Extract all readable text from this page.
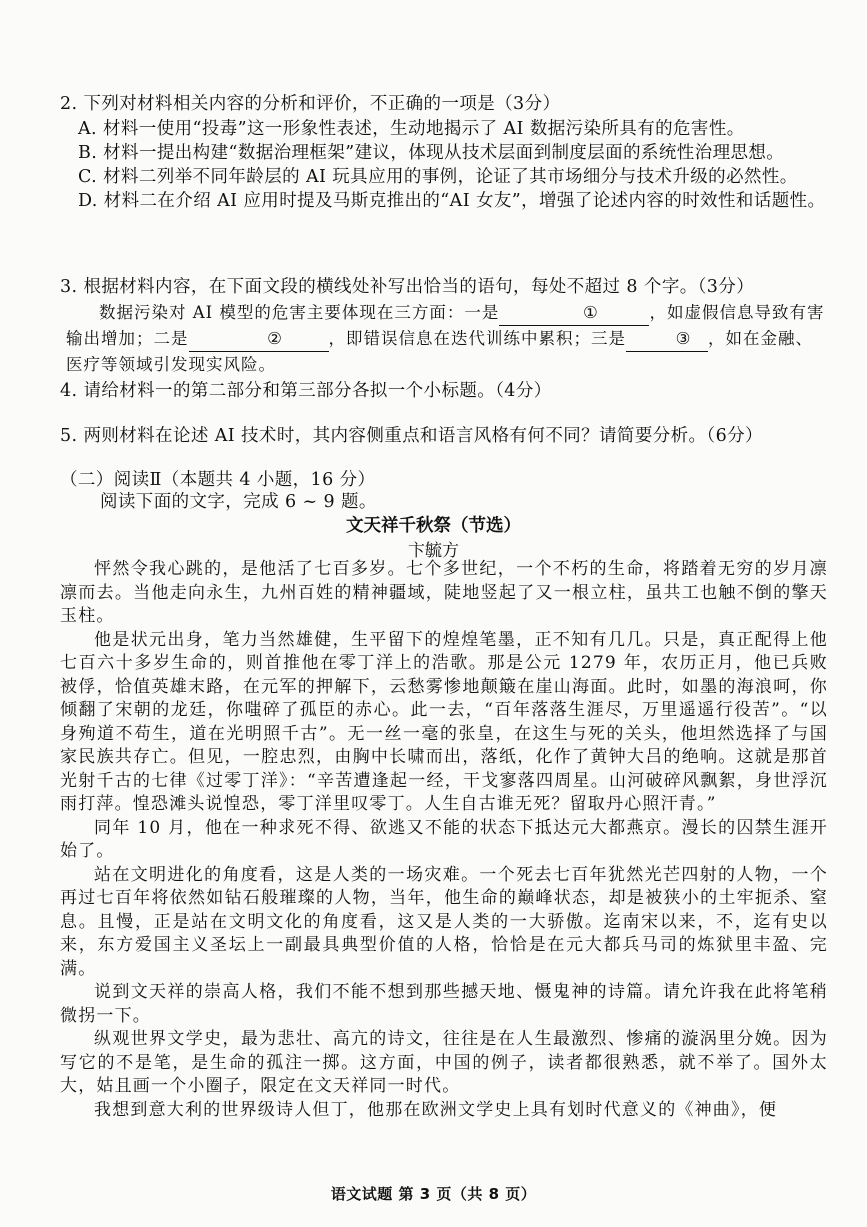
2. 下列对材料相关内容的分析和评价，不正确的一项是（3分）

A. 材料一使用“投毒”这一形象性表述，生动地揭示了 AI 数据污染所具有的危害性。

B. 材料一提出构建“数据治理框架”建议，体现从技术层面到制度层面的系统性治理思想。

C. 材料二列举不同年龄层的 AI 玩具应用的事例，论证了其市场细分与技术升级的必然性。

D. 材料二在介绍 AI 应用时提及马斯克推出的“AI 女友”，增强了论述内容的时效性和话题性。

3. 根据材料内容，在下面文段的横线处补写出恰当的语句，每处不超过 8 个字。（3分）

数据污染对 AI 模型的危害主要体现在三方面：一是	①	，如虚假信息导致有害输出增加；二是	②	，即错误信息在迭代训练中累积；三是	③ ，如在金融、医疗等领域引发现实风险。

4. 请给材料一的第二部分和第三部分各拟一个小标题。（4分）
5. 两则材料在论述 AI 技术时，其内容侧重点和语言风格有何不同？请简要分析。（6分）
（二）阅读Ⅱ（本题共 4 小题，16 分）
阅读下面的文字，完成 6 ~ 9 题。
文天祥千秋祭（节选）
卞毓方

怦然令我心跳的，是他活了七百多岁。七个多世纪，一个不朽的生命，将踏着无穷的岁月凛凛而去。当他走向永生，九州百姓的精神疆域，陡地竖起了又一根立柱，虽共工也触不倒的擎天玉柱。

他是状元出身，笔力当然雄健，生平留下的煌煌笔墨，正不知有几几。只是，真正配得上他七百六十多岁生命的，则首推他在零丁洋上的浩歌。那是公元 1279 年，农历正月，他已兵败被俘，恰值英雄末路，在元军的押解下，云愁雾惨地颠簸在崖山海面。此时，如墨的海浪呵，你倾翻了宋朝的龙廷，你嗤碎了孤臣的赤心。此一去，“百年落落生涯尽，万里遥遥行役苦”。“以身殉道不苟生，道在光明照千古”。无一丝一毫的张皇，在这生与死的关头，他坦然选择了与国家民族共存亡。但见，一腔忠烈，由胸中长啸而出，落纸，化作了黄钟大吕的绝响。这就是那首光射千古的七律《过零丁洋》：“辛苦遭逢起一经，干戈寥落四周星。山河破碎风飘絮，身世浮沉雨打萍。惶恐滩头说惶恐，零丁洋里叹零丁。人生自古谁无死？留取丹心照汗青。”

同年 10 月，他在一种求死不得、欲逃又不能的状态下抵达元大都燕京。漫长的囚禁生涯开始了。

站在文明进化的角度看，这是人类的一场灾难。一个死去七百年犹然光芒四射的人物，一个再过七百年将依然如钻石般璀璨的人物，当年，他生命的巅峰状态，却是被狭小的土牢扼杀、窒息。且慢，正是站在文明文化的角度看，这又是人类的一大骄傲。迄南宋以来，不，迄有史以来，东方爱国主义圣坛上一副最具典型价值的人格，恰恰是在元大都兵马司的炼狱里丰盈、完满。

说到文天祥的崇高人格，我们不能不想到那些撼天地、慑鬼神的诗篇。请允许我在此将笔稍微拐一下。

纵观世界文学史，最为悲壮、高亢的诗文，往往是在人生最激烈、惨痛的漩涡里分娩。因为写它的不是笔，是生命的孤注一掷。这方面，中国的例子，读者都很熟悉，就不举了。国外太大，姑且画一个小圈子，限定在文天祥同一时代。

我想到意大利的世界级诗人但丁，他那在欧洲文学史上具有划时代意义的《神曲》，便

语文试题 第 3 页（共 8 页）
